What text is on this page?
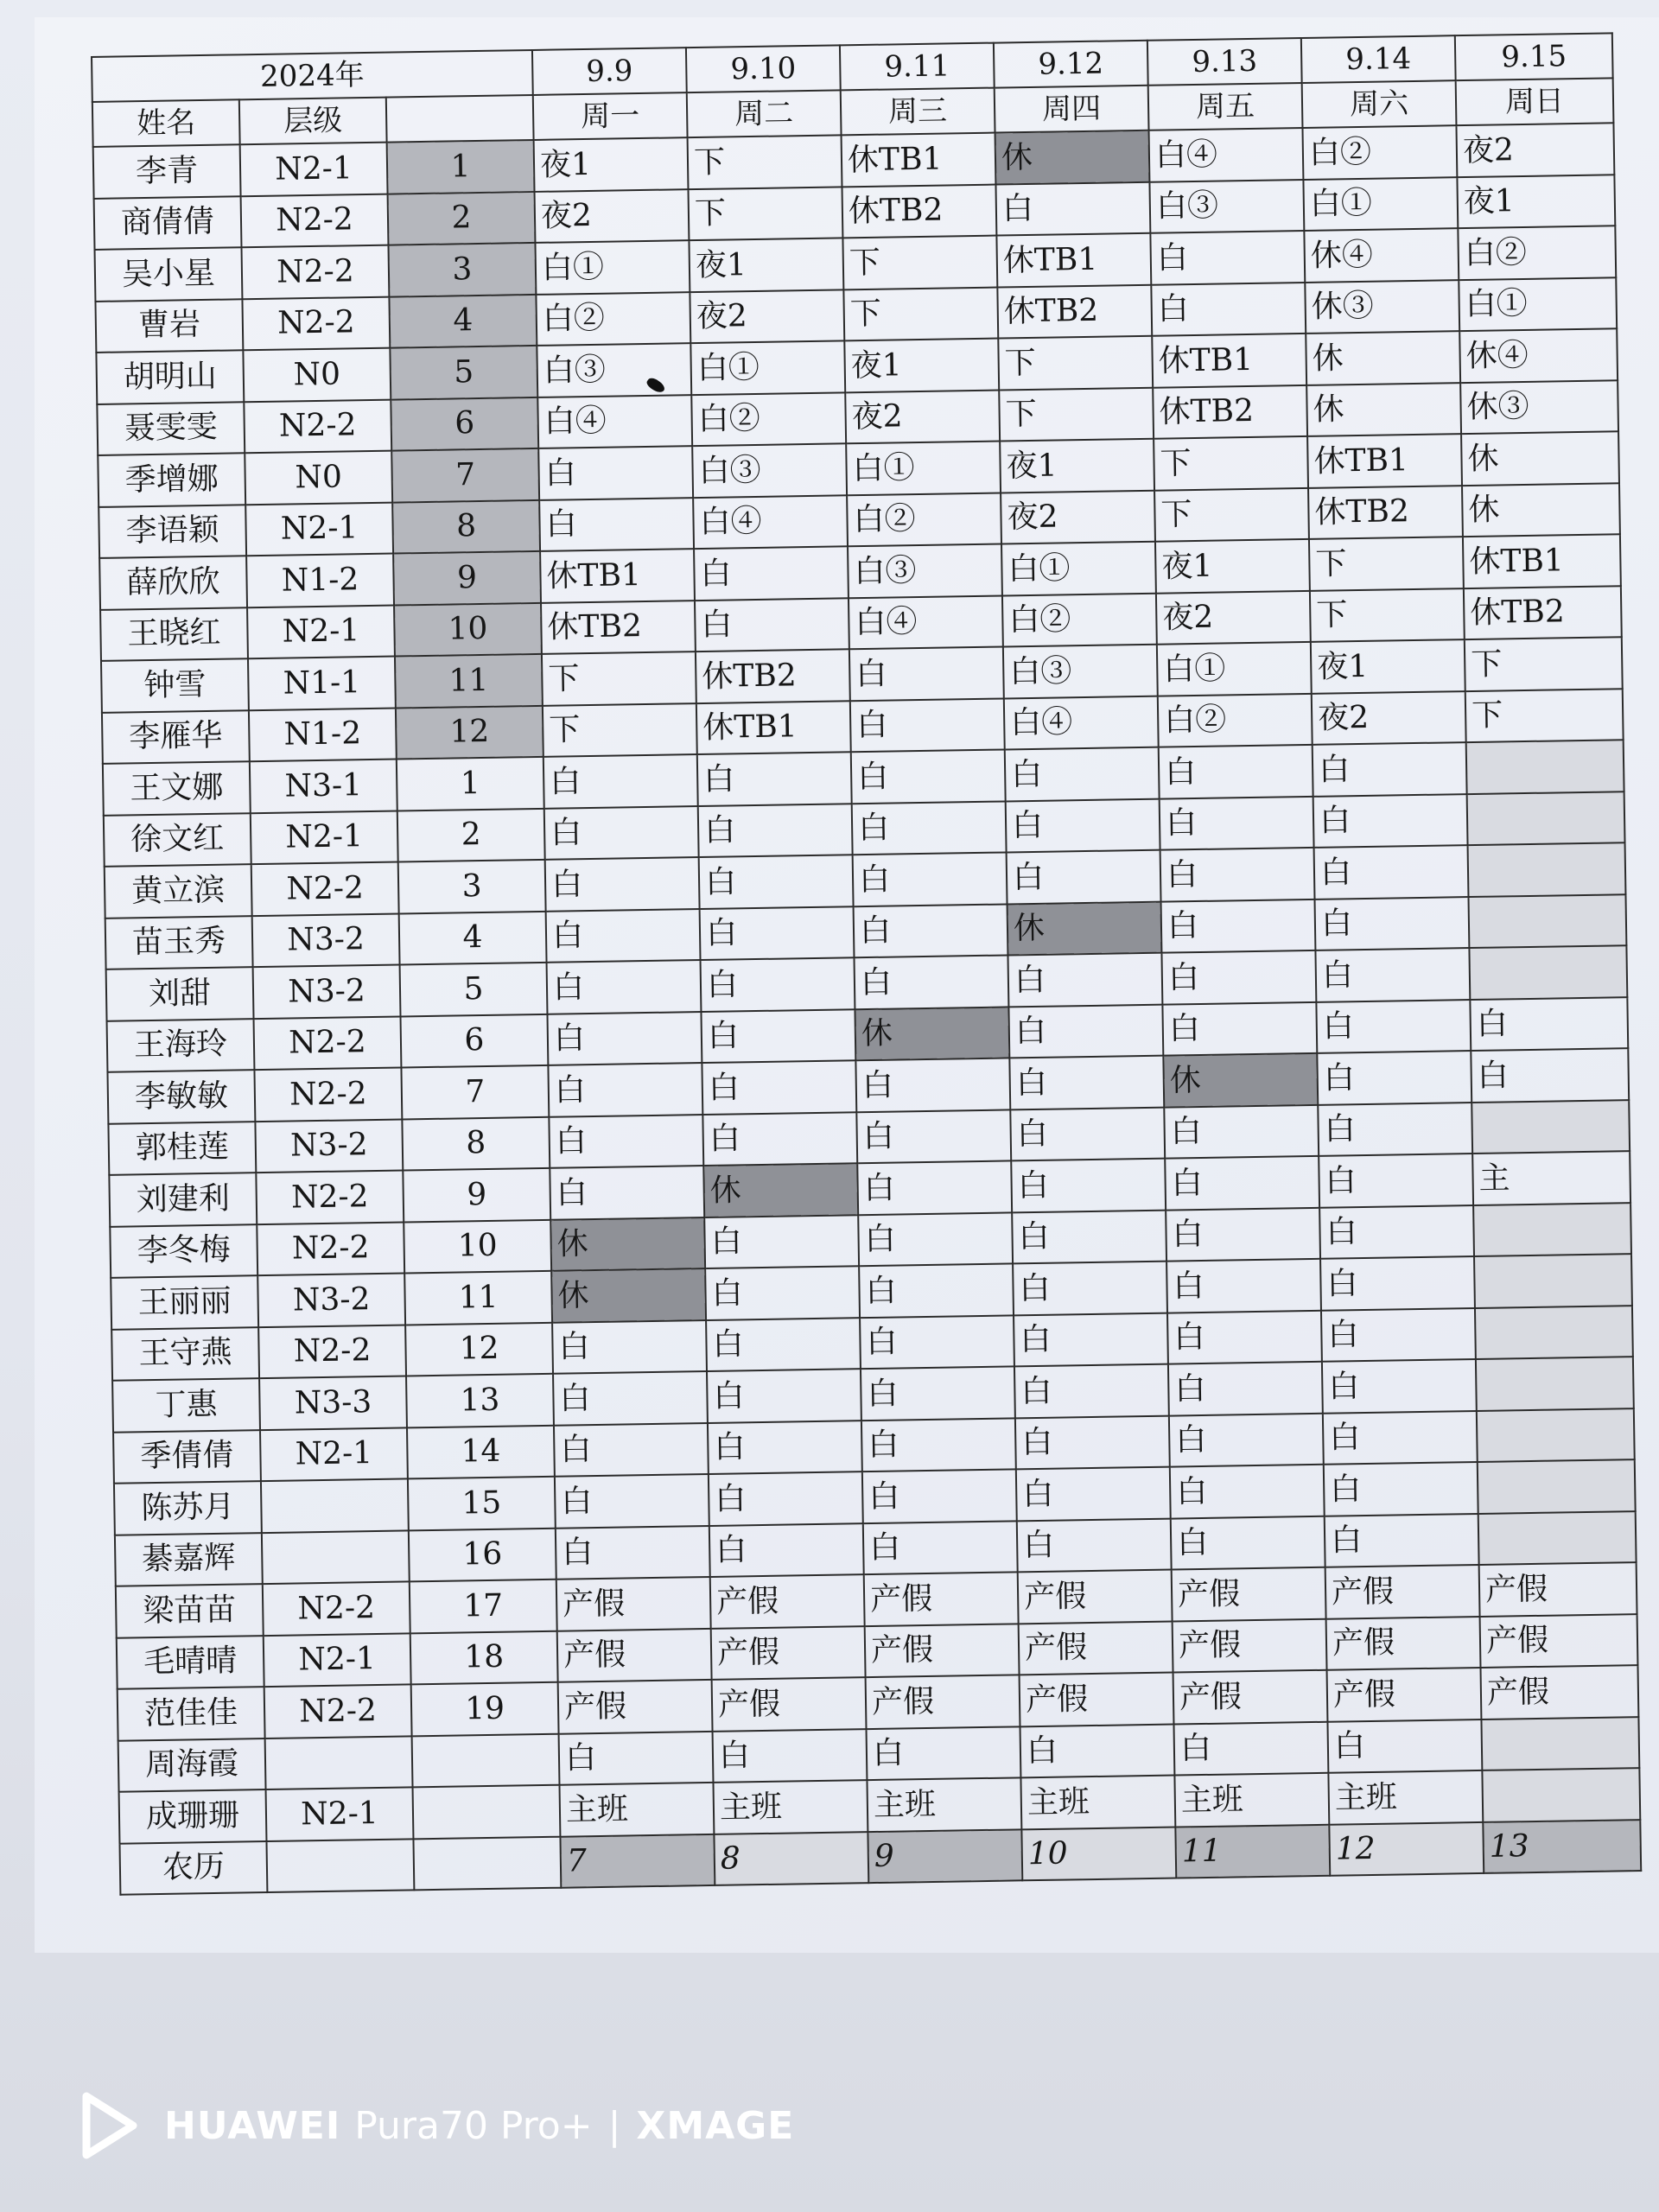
2024年			9.9	9.10	9.11	9.12	9.13	9.14	9.15
姓名	层级		周一	周二	周三	周四	周五	周六	周日
李青	N2-1	1	夜1	下	休TB1	休	白④	白②	夜2
商倩倩	N2-2	2	夜2	下	休TB2	白	白③	白①	夜1
吴小星	N2-2	3	白①	夜1	下	休TB1	白	休④	白②
曹岩	N2-2	4	白②	夜2	下	休TB2	白	休③	白①
胡明山	N0	5	白③	白①	夜1	下	休TB1	休	休④
聂雯雯	N2-2	6	白④	白②	夜2	下	休TB2	休	休③
季增娜	N0	7	白	白③	白①	夜1	下	休TB1	休
李语颖	N2-1	8	白	白④	白②	夜2	下	休TB2	休
薛欣欣	N1-2	9	休TB1	白	白③	白①	夜1	下	休TB1
王晓红	N2-1	10	休TB2	白	白④	白②	夜2	下	休TB2
钟雪	N1-1	11	下	休TB2	白	白③	白①	夜1	下
李雁华	N1-2	12	下	休TB1	白	白④	白②	夜2	下
王文娜	N3-1	1	白	白	白	白	白	白	
徐文红	N2-1	2	白	白	白	白	白	白	
黄立滨	N2-2	3	白	白	白	白	白	白	
苗玉秀	N3-2	4	白	白	白	休	白	白	
刘甜	N3-2	5	白	白	白	白	白	白	
王海玲	N2-2	6	白	白	休	白	白	白	白
李敏敏	N2-2	7	白	白	白	白	休	白	白
郭桂莲	N3-2	8	白	白	白	白	白	白	
刘建利	N2-2	9	白	休	白	白	白	白	主
李冬梅	N2-2	10	休	白	白	白	白	白	
王丽丽	N3-2	11	休	白	白	白	白	白	
王守燕	N2-2	12	白	白	白	白	白	白	
丁惠	N3-3	13	白	白	白	白	白	白	
季倩倩	N2-1	14	白	白	白	白	白	白	
陈苏月		15	白	白	白	白	白	白	
綦嘉辉		16	白	白	白	白	白	白	
梁苗苗	N2-2	17	产假	产假	产假	产假	产假	产假	产假
毛晴晴	N2-1	18	产假	产假	产假	产假	产假	产假	产假
范佳佳	N2-2	19	产假	产假	产假	产假	产假	产假	产假
周海霞			白	白	白	白	白	白	
成珊珊	N2-1		主班	主班	主班	主班	主班	主班	
农历			7	8	9	10	11	12	13
HUAWEI Pura70 Pro+ | XMAGE
